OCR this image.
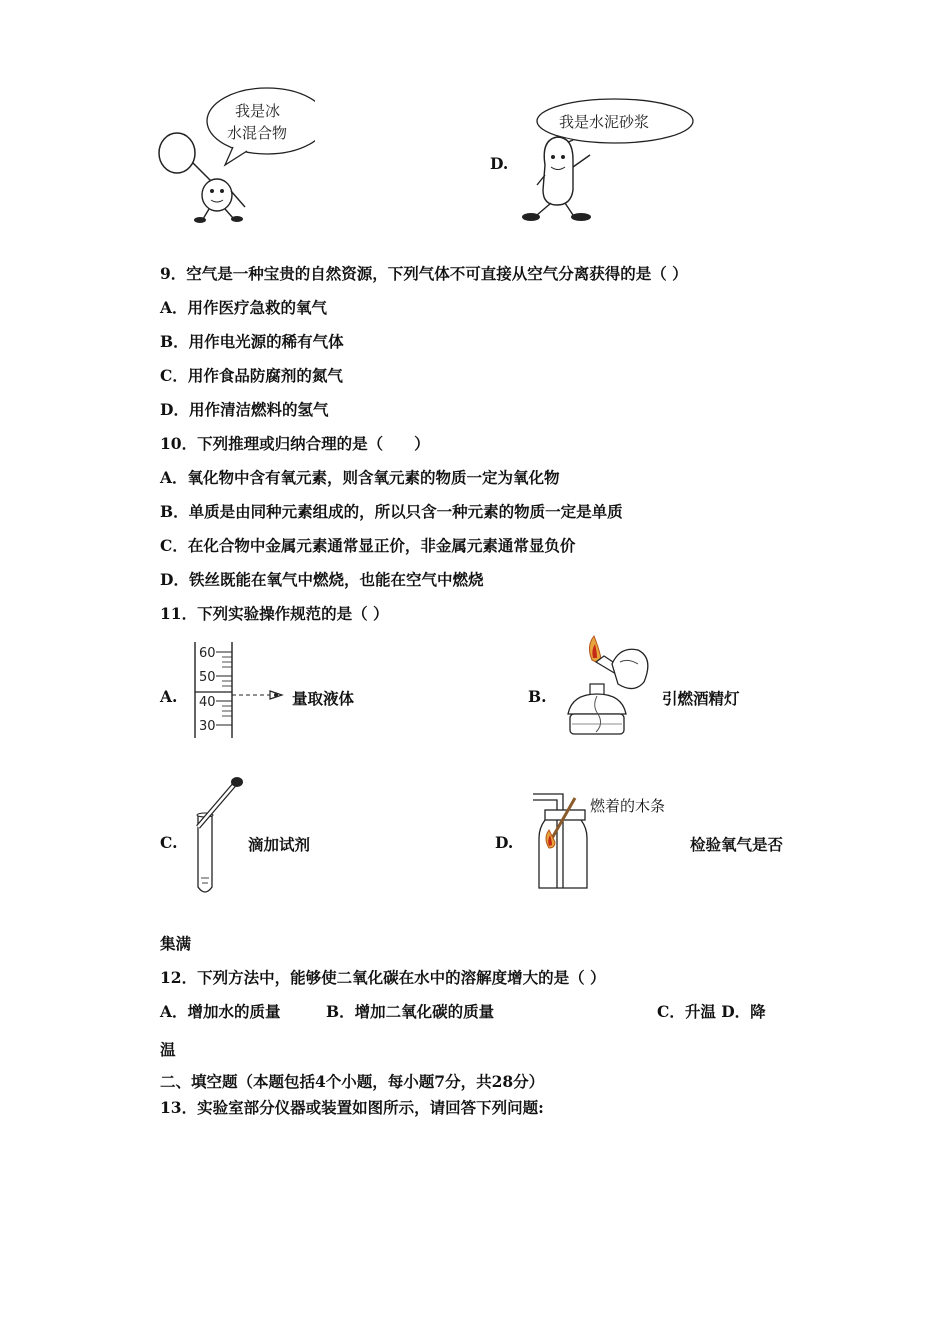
我是冰
水混合物
D.
我是水泥砂浆
9．空气是一种宝贵的自然资源，下列气体不可直接从空气分离获得的是（ ）
A．用作医疗急救的氧气
B．用作电光源的稀有气体
C．用作食品防腐剂的氮气
D．用作清洁燃料的氢气
10．下列推理或归纳合理的是（　　）
A．氧化物中含有氧元素，则含氧元素的物质一定为氧化物
B．单质是由同种元素组成的，所以只含一种元素的物质一定是单质
C．在化合物中金属元素通常显正价，非金属元素通常显负价
D．铁丝既能在氧气中燃烧，也能在空气中燃烧
11．下列实验操作规范的是（ ）
A.
60
50
40
30
量取液体	B.	引燃酒精灯
C.	滴加试剂	D.
燃着的木条
检验氧气是否
集满
12．下列方法中，能够使二氧化碳在水中的溶解度增大的是（ ）
A．增加水的质量	B．增加二氧化碳的质量	C．升温 D．降
温
二、填空题（本题包括4个小题，每小题7分，共28分）
13．实验室部分仪器或装置如图所示，请回答下列问题:
